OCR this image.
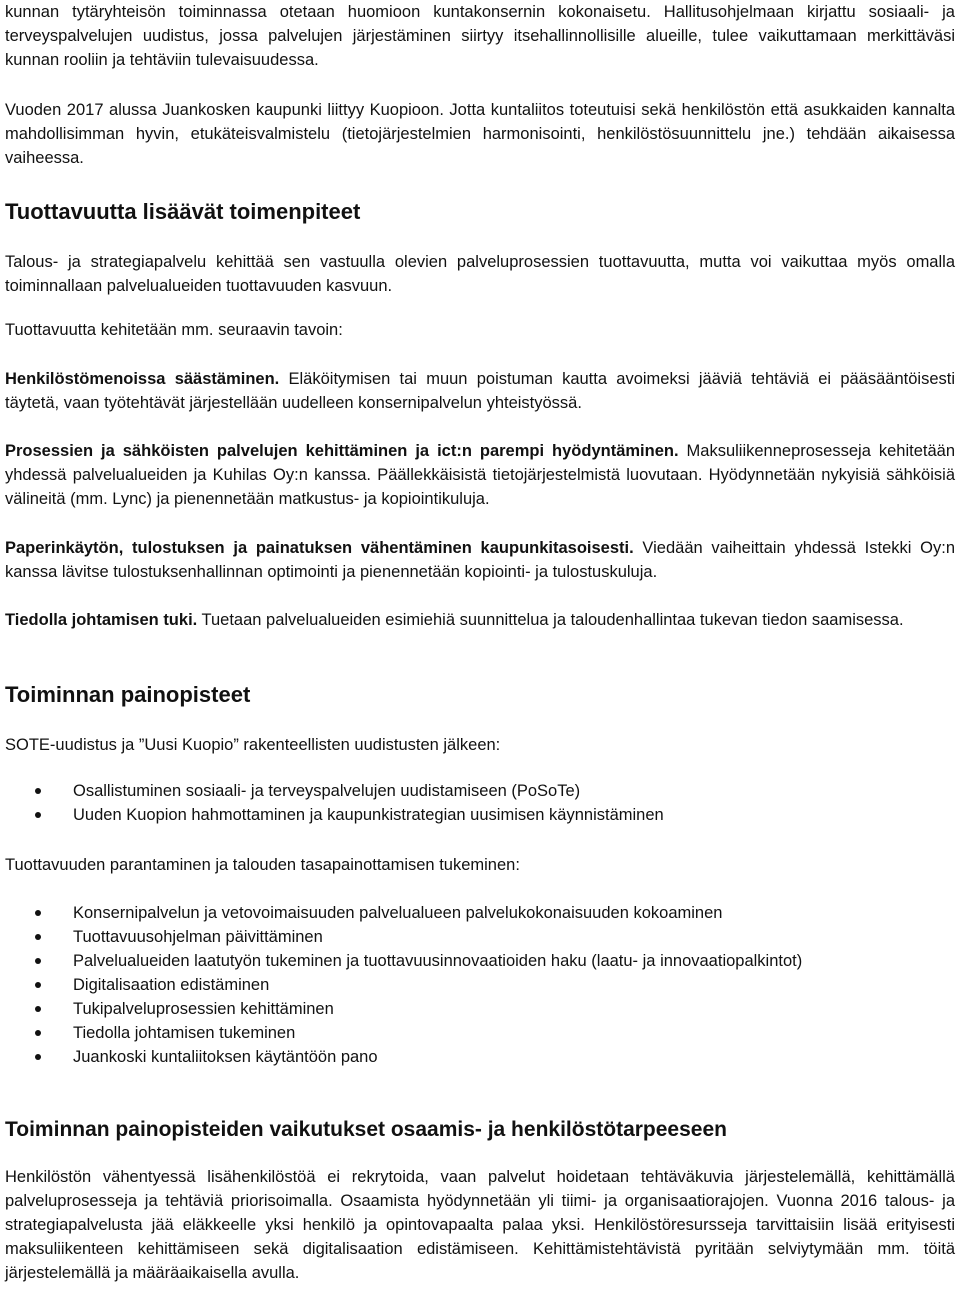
kunnan tytäryhteisön toiminnassa otetaan huomioon kuntakonsernin kokonaisetu. Hallitusohjelmaan kirjattu sosiaali- ja terveyspalvelujen uudistus, jossa palvelujen järjestäminen siirtyy itsehallinnollisille alueille, tulee vaikuttamaan merkittäväsi kunnan rooliin ja tehtäviin tulevaisuudessa.

Vuoden 2017 alussa Juankosken kaupunki liittyy Kuopioon. Jotta kuntaliitos toteutuisi sekä henkilöstön että asukkaiden kannalta mahdollisimman hyvin, etukäteisvalmistelu (tietojärjestelmien harmonisointi, henkilöstösuunnittelu jne.) tehdään aikaisessa vaiheessa.

Tuottavuutta lisäävät toimenpiteet

Talous- ja strategiapalvelu kehittää sen vastuulla olevien palveluprosessien tuottavuutta, mutta voi vaikuttaa myös omalla toiminnallaan palvelualueiden tuottavuuden kasvuun.

Tuottavuutta kehitetään mm. seuraavin tavoin:

Henkilöstömenoissa säästäminen. Eläköitymisen tai muun poistuman kautta avoimeksi jääviä tehtäviä ei pääsääntöisesti täytetä, vaan työtehtävät järjestellään uudelleen konsernipalvelun yhteistyössä.

Prosessien ja sähköisten palvelujen kehittäminen ja ict:n parempi hyödyntäminen. Maksuliikenneprosesseja kehitetään yhdessä palvelualueiden ja Kuhilas Oy:n kanssa. Päällekkäisistä tietojärjestelmistä luovutaan. Hyödynnetään nykyisiä sähköisiä välineitä (mm. Lync) ja pienennetään matkustus- ja kopiointikuluja.

Paperinkäytön, tulostuksen ja painatuksen vähentäminen kaupunkitasoisesti. Viedään vaiheittain yhdessä Istekki Oy:n kanssa lävitse tulostuksenhallinnan optimointi ja pienennetään kopiointi- ja tulostuskuluja.

Tiedolla johtamisen tuki. Tuetaan palvelualueiden esimiehiä suunnittelua ja taloudenhallintaa tukevan tiedon saamisessa.

Toiminnan painopisteet

SOTE-uudistus ja ”Uusi Kuopio” rakenteellisten uudistusten jälkeen:

Osallistuminen sosiaali- ja terveyspalvelujen uudistamiseen (PoSoTe)
Uuden Kuopion hahmottaminen ja kaupunkistrategian uusimisen käynnistäminen

Tuottavuuden parantaminen ja talouden tasapainottamisen tukeminen:

Konsernipalvelun ja vetovoimaisuuden palvelualueen palvelukokonaisuuden kokoaminen
Tuottavuusohjelman päivittäminen
Palvelualueiden laatutyön tukeminen ja tuottavuusinnovaatioiden haku (laatu- ja innovaatiopalkintot)
Digitalisaation edistäminen
Tukipalveluprosessien kehittäminen
Tiedolla johtamisen tukeminen
Juankoski kuntaliitoksen käytäntöön pano
Toiminnan painopisteiden vaikutukset osaamis- ja henkilöstötarpeeseen

Henkilöstön vähentyessä lisähenkilöstöä ei rekrytoida, vaan palvelut hoidetaan tehtäväkuvia järjestelemällä, kehittämällä palveluprosesseja ja tehtäviä priorisoimalla. Osaamista hyödynnetään yli tiimi- ja organisaatiorajojen. Vuonna 2016 talous- ja strategiapalvelusta jää eläkkeelle yksi henkilö ja opintovapaalta palaa yksi. Henkilöstöresursseja tarvittaisiin lisää erityisesti maksuliikenteen kehittämiseen sekä digitalisaation edistämiseen. Kehittämistehtävistä pyritään selviytymään mm. töitä järjestelemällä ja määräaikaisella avulla.
